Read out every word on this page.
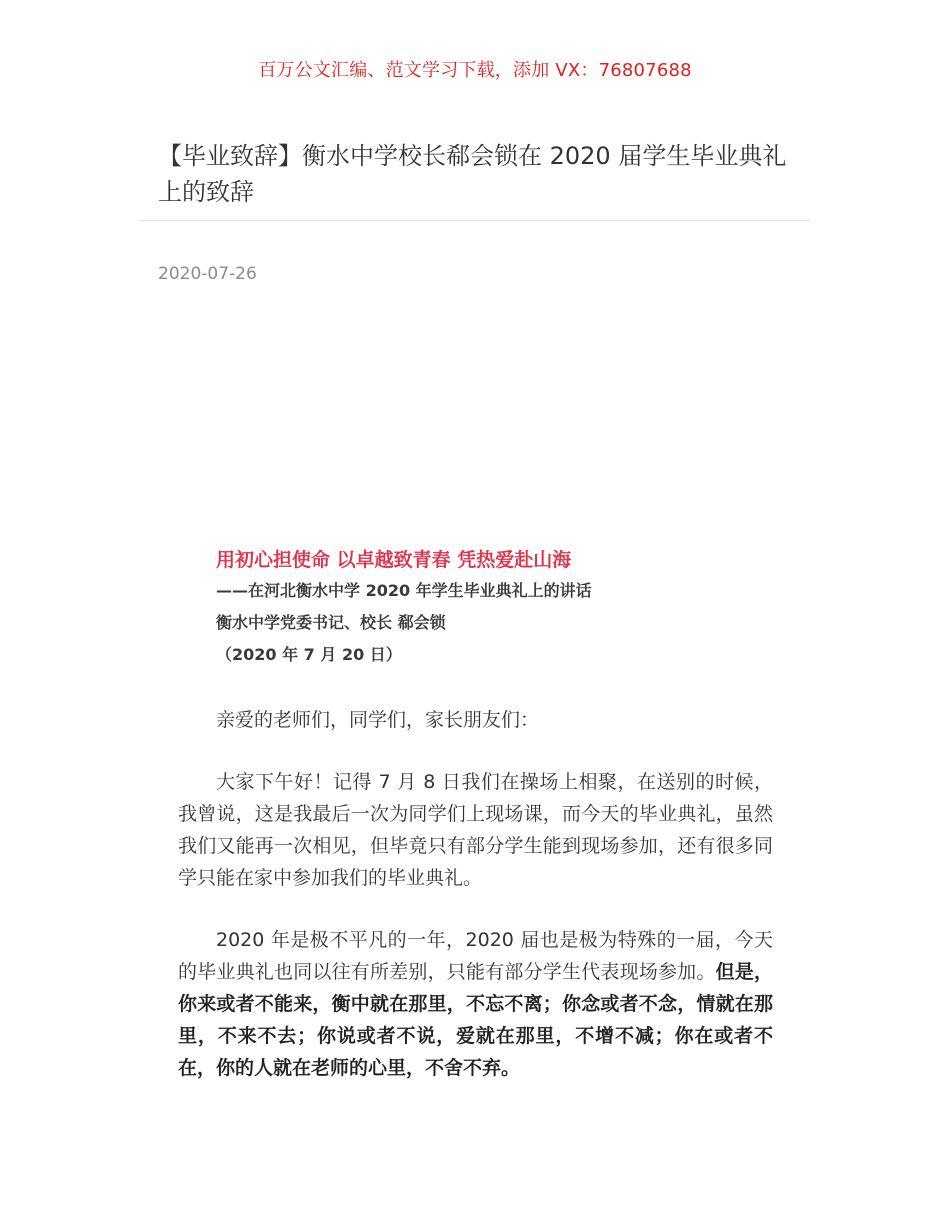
百万公文汇编、范文学习下载，添加 VX：76807688
【毕业致辞】衡水中学校长郗会锁在 2020 届学生毕业典礼上的致辞
2020-07-26
用初心担使命 以卓越致青春 凭热爱赴山海
——在河北衡水中学 2020 年学生毕业典礼上的讲话
衡水中学党委书记、校长 郗会锁
（2020 年 7 月 20 日）
亲爱的老师们，同学们，家长朋友们：

大家下午好！记得 7 月 8 日我们在操场上相聚，在送别的时候，我曾说，这是我最后一次为同学们上现场课，而今天的毕业典礼，虽然我们又能再一次相见，但毕竟只有部分学生能到现场参加，还有很多同学只能在家中参加我们的毕业典礼。

2020 年是极不平凡的一年，2020 届也是极为特殊的一届，今天的毕业典礼也同以往有所差别，只能有部分学生代表现场参加。但是，你来或者不能来，衡中就在那里，不忘不离；你念或者不念，情就在那里，不来不去；你说或者不说，爱就在那里，不增不减；你在或者不在，你的人就在老师的心里，不舍不弃。
